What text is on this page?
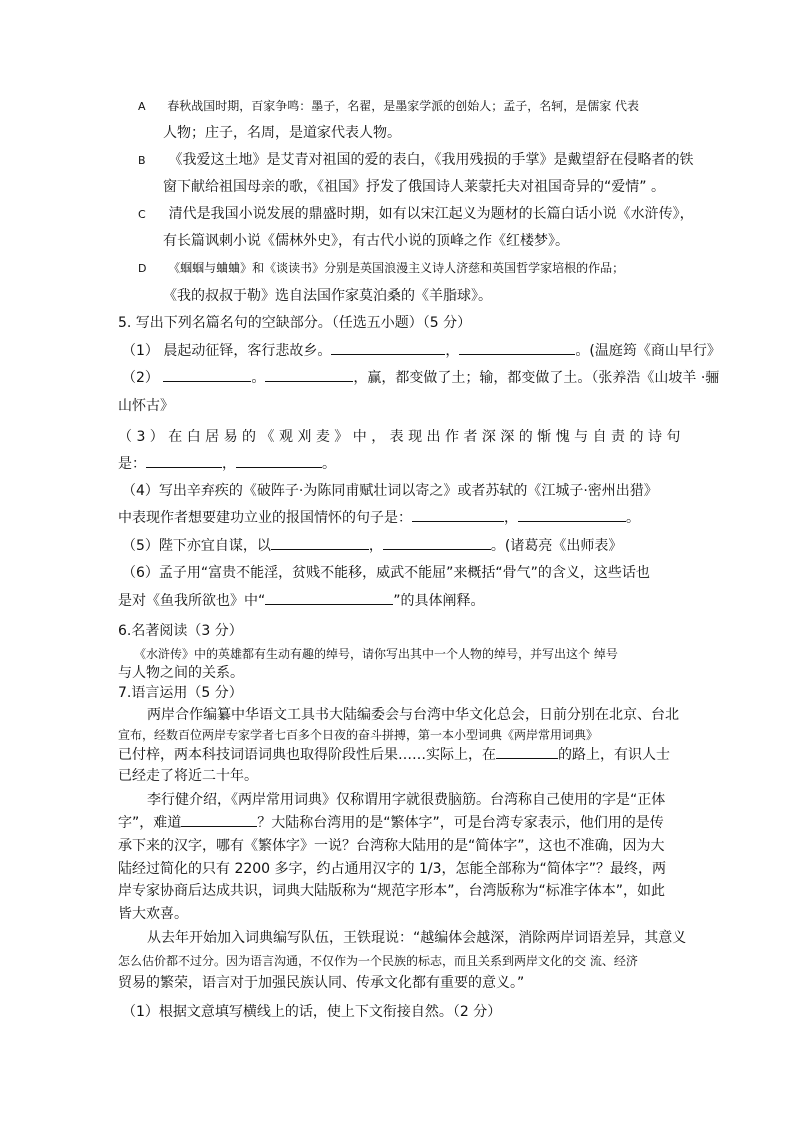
A 春秋战国时期，百家争鸣：墨子，名翟，是墨家学派的创始人；孟子，名轲，是儒家 代表
人物；庄子，名周，是道家代表人物。
B 《我爱这土地》是艾青对祖国的爱的表白，《我用残损的手掌》是戴望舒在侵略者的铁
窗下献给祖国母亲的歌，《祖国》抒发了俄国诗人莱蒙托夫对祖国奇异的“爱情” 。
C 清代是我国小说发展的鼎盛时期，如有以宋江起义为题材的长篇白话小说《水浒传》，
有长篇讽刺小说《儒林外史》，有古代小说的顶峰之作《红楼梦》。
D 《蝈蝈与蛐蛐》和《谈读书》分别是英国浪漫主义诗人济慈和英国哲学家培根的作品；
《我的叔叔于勒》选自法国作家莫泊桑的《羊脂球》。
5. 写出下列名篇名句的空缺部分。（任选五小题）（5 分）
（1） 晨起动征铎，客行悲故乡。	，	。(温庭筠《商山早行》
（2）	。	，赢，都变做了土；输，都变做了土。（张养浩《山坡羊 ·骊
山怀古》
（ 3 ） 在 白 居 易 的 《 观 刈 麦 》 中 ， 表 现 出 作 者 深 深 的 惭 愧 与 自 责 的 诗 句
是：	，	。
（4）写出辛弃疾的《破阵子·为陈同甫赋壮词以寄之》或者苏轼的《江城子·密州出猎》
中表现作者想要建功立业的报国情怀的句子是：	，	。
（5）陛下亦宜自谋，以	，	。(诸葛亮《出师表》
（6）孟子用“富贵不能淫，贫贱不能移，威武不能屈”来概括“骨气”的含义，这些话也
是对《鱼我所欲也》中“	”的具体阐释。
6.名著阅读（3 分）
《水浒传》中的英雄都有生动有趣的绰号，请你写出其中一个人物的绰号，并写出这个 绰号
与人物之间的关系。
7.语言运用（5 分）
两岸合作编纂中华语文工具书大陆编委会与台湾中华文化总会，日前分别在北京、台北
宣布，经数百位两岸专家学者七百多个日夜的奋斗拼搏，第一本小型词典《两岸常用词典》
已付梓，两本科技词语词典也取得阶段性后果……实际上，在	的路上，有识人士
已经走了将近二十年。
李行健介绍，《两岸常用词典》仅称谓用字就很费脑筋。台湾称自己使用的字是“正体
字”，难道	？大陆称台湾用的是“繁体字”，可是台湾专家表示，他们用的是传
承下来的汉字，哪有《繁体字》一说？台湾称大陆用的是“简体字”，这也不准确，因为大
陆经过简化的只有 2200 多字，约占通用汉字的 1/3，怎能全部称为“简体字”？最终，两
岸专家协商后达成共识，词典大陆版称为“规范字形本”，台湾版称为“标准字体本”，如此
皆大欢喜。
从去年开始加入词典编写队伍，王铁琨说：“越编体会越深，消除两岸词语差异，其意义
怎么估价都不过分。因为语言沟通，不仅作为一个民族的标志，而且关系到两岸文化的交 流、经济
贸易的繁荣，语言对于加强民族认同、传承文化都有重要的意义。”
（1）根据文意填写横线上的话，使上下文衔接自然。（2 分）
